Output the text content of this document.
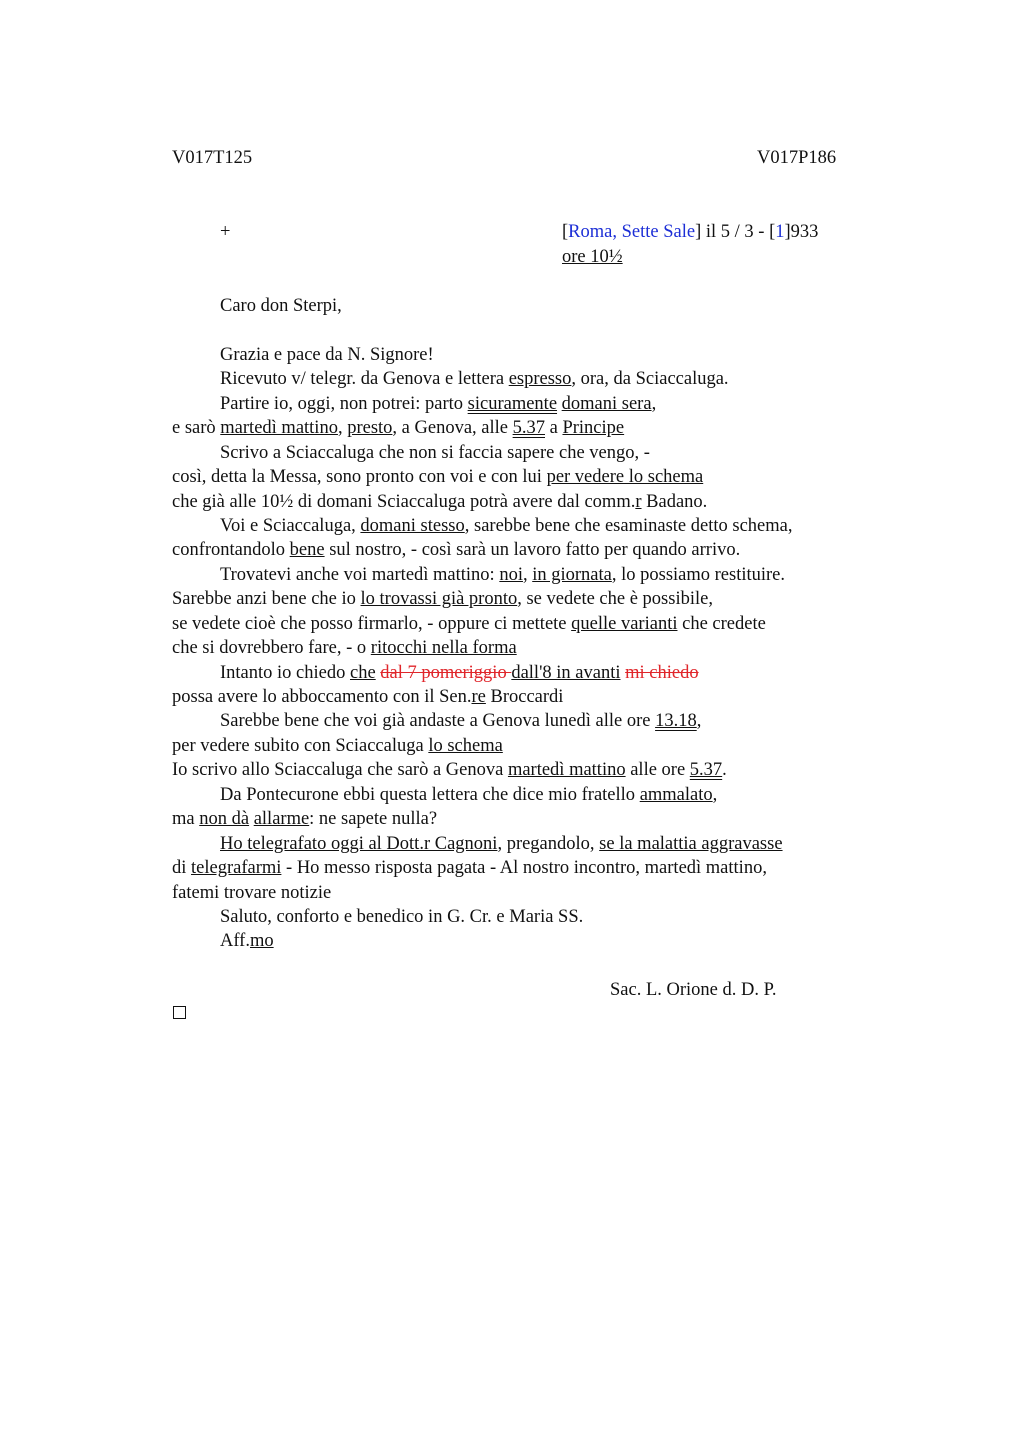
V017T125	V017P186
+	[Roma, Sette Sale] il 5 / 3 - [1]933
ore 10½
Caro don Sterpi,
Grazia e pace da N. Signore!
Ricevuto v/ telegr. da Genova e lettera espresso, ora, da Sciaccaluga.
Partire io, oggi, non potrei: parto sicuramente domani sera,
e sarò martedì mattino, presto, a Genova, alle 5.37 a Principe
Scrivo a Sciaccaluga che non si faccia sapere che vengo, -
così, detta la Messa, sono pronto con voi e con lui per vedere lo schema
che già alle 10½ di domani Sciaccaluga potrà avere dal comm.r Badano.
Voi e Sciaccaluga, domani stesso, sarebbe bene che esaminaste detto schema,
confrontandolo bene sul nostro, - così sarà un lavoro fatto per quando arrivo.
Trovatevi anche voi martedì mattino: noi, in giornata, lo possiamo restituire.
Sarebbe anzi bene che io lo trovassi già pronto, se vedete che è possibile,
se vedete cioè che posso firmarlo, - oppure ci mettete quelle varianti che credete
che si dovrebbero fare, - o ritocchi nella forma
Intanto io chiedo che dal 7 pomeriggio dall'8 in avanti mi chiedo
possa avere lo abboccamento con il Sen.re Broccardi
Sarebbe bene che voi già andaste a Genova lunedì alle ore 13.18,
per vedere subito con Sciaccaluga lo schema
Io scrivo allo Sciaccaluga che sarò a Genova martedì mattino alle ore 5.37.
Da Pontecurone ebbi questa lettera che dice mio fratello ammalato,
ma non dà allarme: ne sapete nulla?
Ho telegrafato oggi al Dott.r Cagnoni, pregandolo, se la malattia aggravasse
di telegrafarmi - Ho messo risposta pagata - Al nostro incontro, martedì mattino,
fatemi trovare notizie
Saluto, conforto e benedico in G. Cr. e Maria SS.
Aff.mo
Sac. L. Orione d. D. P.
